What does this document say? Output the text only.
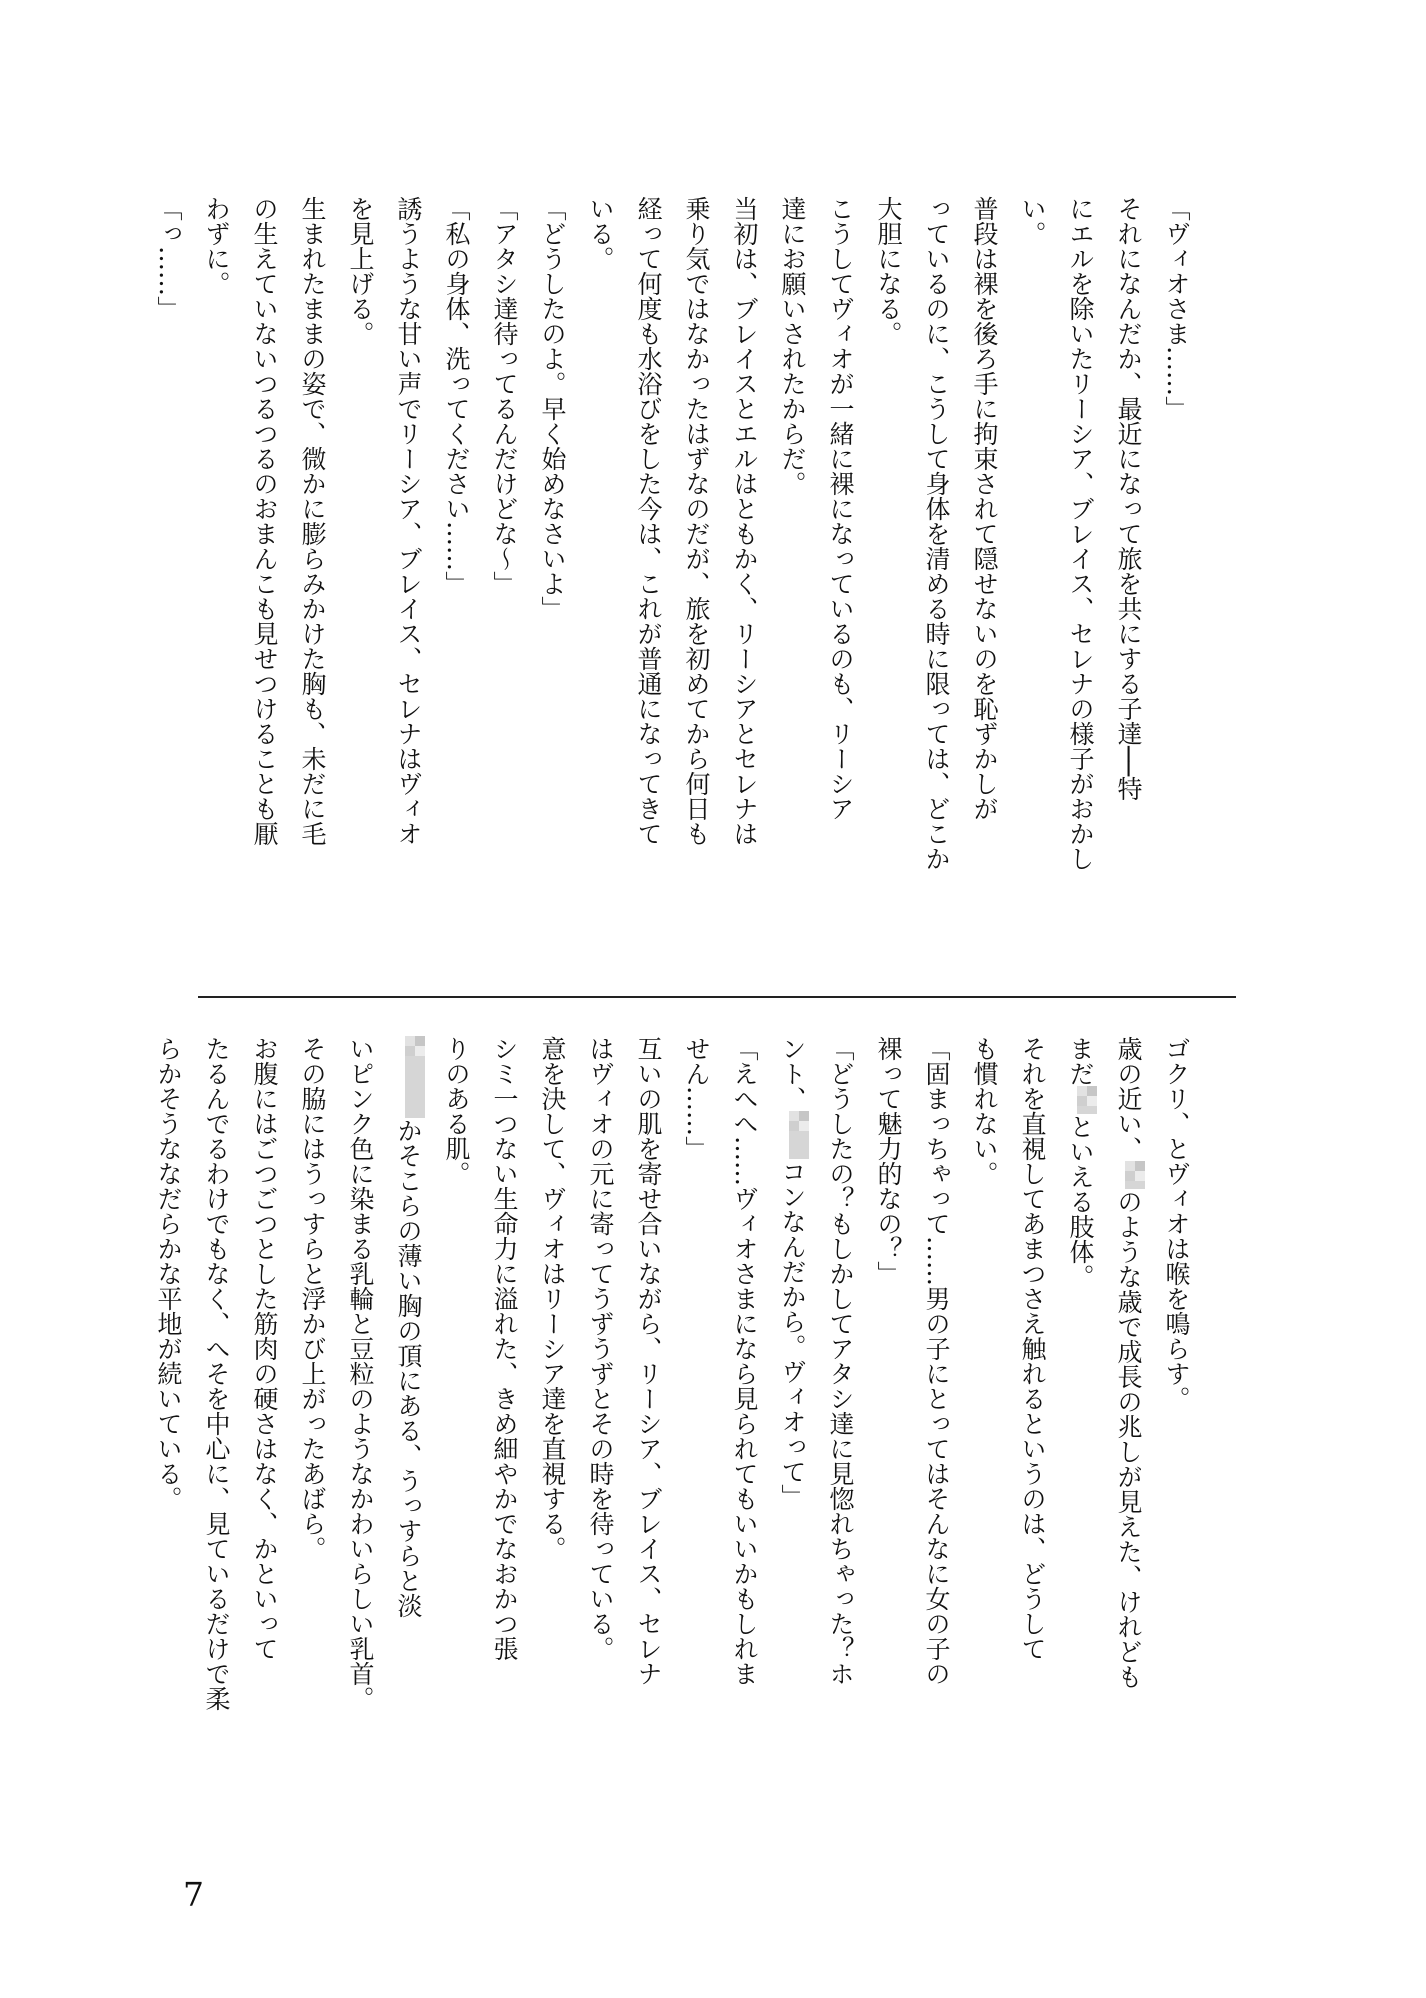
「ヴィオさま……」

それになんだか、最近になって旅を共にする子達──特

にエルを除いたリーシア、ブレイス、セレナの様子がおかし

い。

普段は裸を後ろ手に拘束されて隠せないのを恥ずかしが

っているのに、こうして身体を清める時に限っては、どこか

大胆になる。

こうしてヴィオが一緒に裸になっているのも、リーシア

達にお願いされたからだ。

当初は、ブレイスとエルはともかく、リーシアとセレナは

乗り気ではなかったはずなのだが、旅を初めてから何日も

経って何度も水浴びをした今は、これが普通になってきて

いる。

「どうしたのよ。早く始めなさいよ」

「アタシ達待ってるんだけどな〜」

「私の身体、洗ってください……」

誘うような甘い声でリーシア、ブレイス、セレナはヴィオ

を見上げる。

生まれたままの姿で、微かに膨らみかけた胸も、未だに毛

の生えていないつるつるのおまんこも見せつけることも厭

わずに。

「っ……」

ゴクリ、とヴィオは喉を鳴らす。

歳の近い、のような歳で成長の兆しが見えた、けれども

まだといえる肢体。

それを直視してあまつさえ触れるというのは、どうして

も慣れない。

「固まっちゃって……男の子にとってはそんなに女の子の

裸って魅力的なの？」

「どうしたの？もしかしてアタシ達に見惚れちゃった？ホ

ント、コンなんだから。ヴィオって」

「えへへ……ヴィオさまになら見られてもいいかもしれま

せん……」

互いの肌を寄せ合いながら、リーシア、ブレイス、セレナ

はヴィオの元に寄ってうずうずとその時を待っている。

意を決して、ヴィオはリーシア達を直視する。

シミ一つない生命力に溢れた、きめ細やかでなおかつ張

りのある肌。

かそこらの薄い胸の頂にある、うっすらと淡

いピンク色に染まる乳輪と豆粒のようなかわいらしい乳首。

その脇にはうっすらと浮かび上がったあばら。

お腹にはごつごつとした筋肉の硬さはなく、かといって

たるんでるわけでもなく、へそを中心に、見ているだけで柔

らかそうななだらかな平地が続いている。

7
